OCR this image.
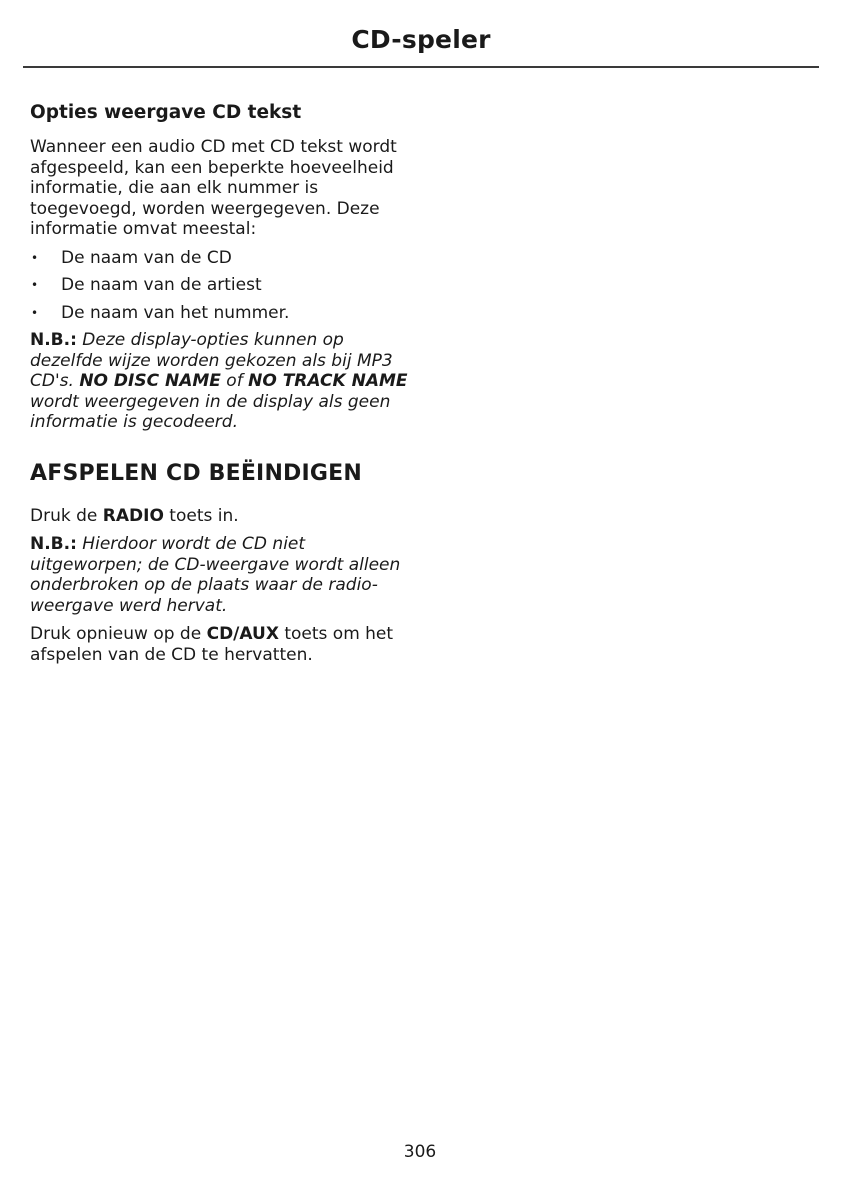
CD-speler
Opties weergave CD tekst

Wanneer een audio CD met CD tekst wordt afgespeeld, kan een beperkte hoeveelheid informatie, die aan elk nummer is toegevoegd, worden weergegeven. Deze informatie omvat meestal:

• De naam van de CD
• De naam van de artiest
• De naam van het nummer.

N.B.: Deze display-opties kunnen op dezelfde wijze worden gekozen als bij MP3 CD's. NO DISC NAME of NO TRACK NAME wordt weergegeven in de display als geen informatie is gecodeerd.

AFSPELEN CD BEËINDIGEN

Druk de RADIO toets in.

N.B.: Hierdoor wordt de CD niet uitgeworpen; de CD-weergave wordt alleen onderbroken op de plaats waar de radio-weergave werd hervat.

Druk opnieuw op de CD/AUX toets om het afspelen van de CD te hervatten.

306
